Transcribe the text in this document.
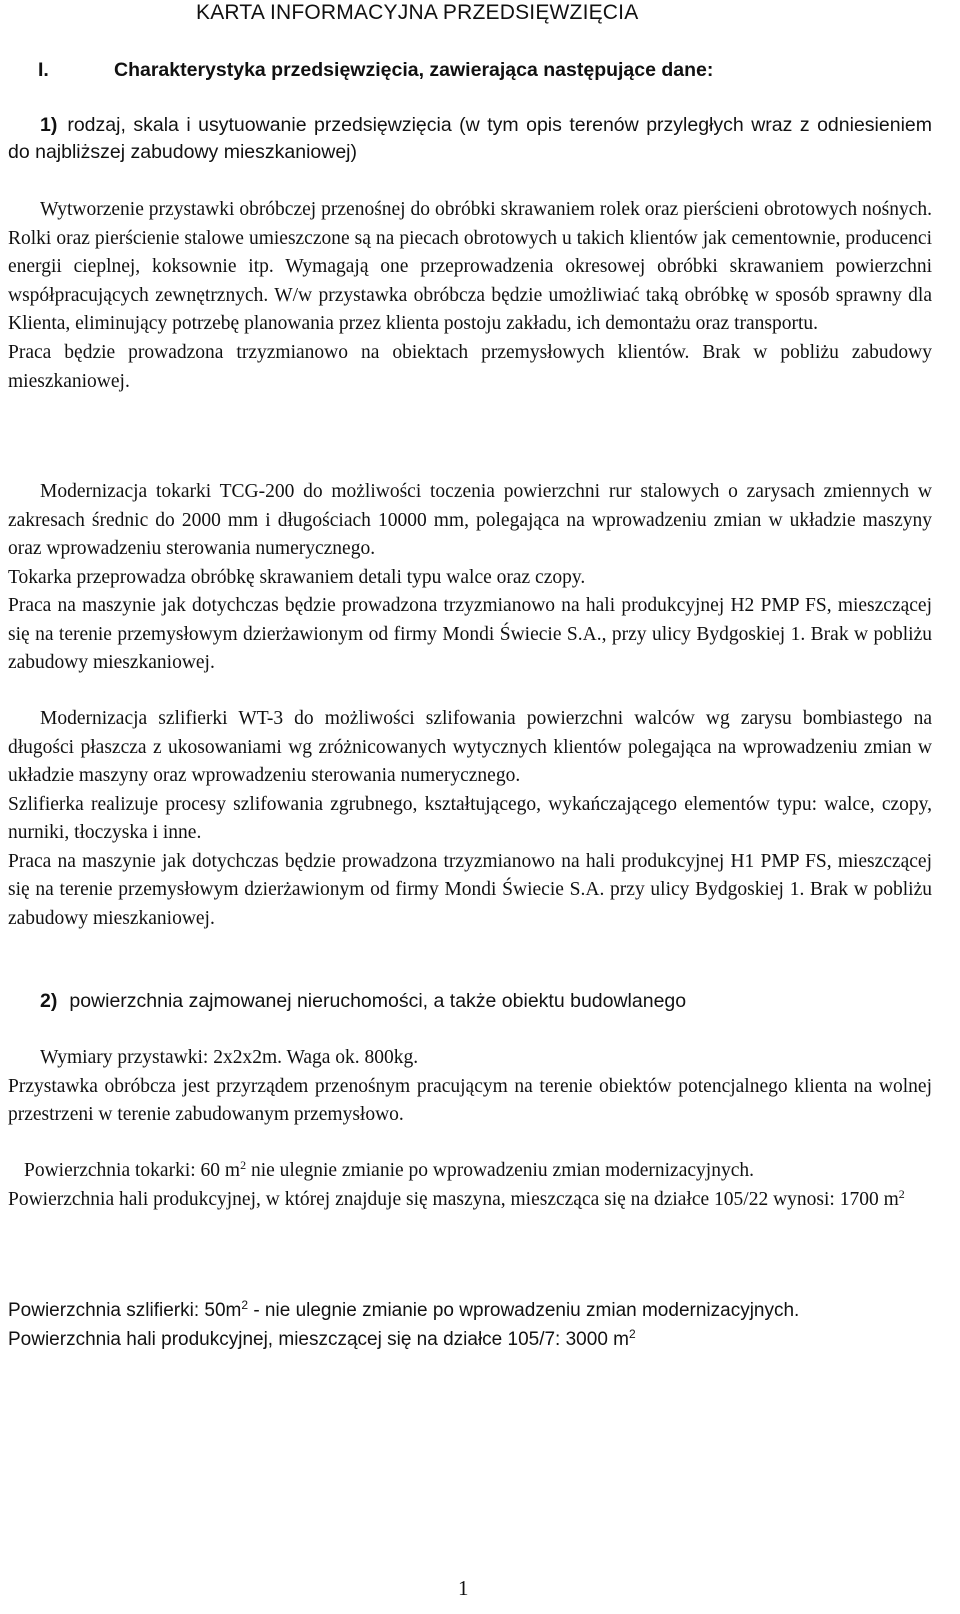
KARTA INFORMACYJNA PRZEDSIĘWZIĘCIA
I.	Charakterystyka przedsięwzięcia, zawierająca następujące dane:
1) rodzaj, skala i usytuowanie przedsięwzięcia (w tym opis terenów przyległych wraz z odniesieniem do najbliższej zabudowy mieszkaniowej)

Wytworzenie przystawki obróbczej przenośnej do obróbki skrawaniem rolek oraz pierścieni obrotowych nośnych. Rolki oraz pierścienie stalowe umieszczone są na piecach obrotowych u takich klientów jak cementownie, producenci energii cieplnej, koksownie itp. Wymagają one przeprowadzenia okresowej obróbki skrawaniem powierzchni współpracujących zewnętrznych. W/w przystawka obróbcza będzie umożliwiać taką obróbkę w sposób sprawny dla Klienta, eliminujący potrzebę planowania przez klienta postoju zakładu, ich demontażu oraz transportu.

Praca będzie prowadzona trzyzmianowo na obiektach przemysłowych klientów. Brak w pobliżu zabudowy mieszkaniowej.

Modernizacja tokarki TCG-200 do możliwości toczenia powierzchni rur stalowych o zarysach zmiennych w zakresach średnic do 2000 mm i długościach 10000 mm, polegająca na wprowadzeniu zmian w układzie maszyny oraz wprowadzeniu sterowania numerycznego.

Tokarka przeprowadza obróbkę skrawaniem detali typu walce oraz czopy.

Praca na maszynie jak dotychczas będzie prowadzona trzyzmianowo na hali produkcyjnej H2 PMP FS, mieszczącej się na terenie przemysłowym dzierżawionym od firmy Mondi Świecie S.A., przy ulicy Bydgoskiej 1. Brak w pobliżu zabudowy mieszkaniowej.

Modernizacja szlifierki WT-3 do możliwości szlifowania powierzchni walców wg zarysu bombiastego na długości płaszcza z ukosowaniami wg zróżnicowanych wytycznych klientów polegająca na wprowadzeniu zmian w układzie maszyny oraz wprowadzeniu sterowania numerycznego.

Szlifierka realizuje procesy szlifowania zgrubnego, kształtującego, wykańczającego elementów typu: walce, czopy, nurniki, tłoczyska i inne.

Praca na maszynie jak dotychczas będzie prowadzona trzyzmianowo na hali produkcyjnej H1 PMP FS, mieszczącej się na terenie przemysłowym dzierżawionym od firmy Mondi Świecie S.A. przy ulicy Bydgoskiej 1. Brak w pobliżu zabudowy mieszkaniowej.

2) powierzchnia zajmowanej nieruchomości, a także obiektu budowlanego

Wymiary przystawki: 2x2x2m. Waga ok. 800kg.

Przystawka obróbcza jest przyrządem przenośnym pracującym na terenie obiektów potencjalnego klienta na wolnej przestrzeni w terenie zabudowanym przemysłowo.

Powierzchnia tokarki: 60 $m^2$ nie ulegnie zmianie po wprowadzeniu zmian modernizacyjnych.

Powierzchnia hali produkcyjnej, w której znajduje się maszyna, mieszcząca się na działce 105/22 wynosi: 1700 $m^2$

Powierzchnia szlifierki: $50m^2$ - nie ulegnie zmianie po wprowadzeniu zmian modernizacyjnych.

Powierzchnia hali produkcyjnej, mieszczącej się na działce 105/7: 3000 $m^2$

1
